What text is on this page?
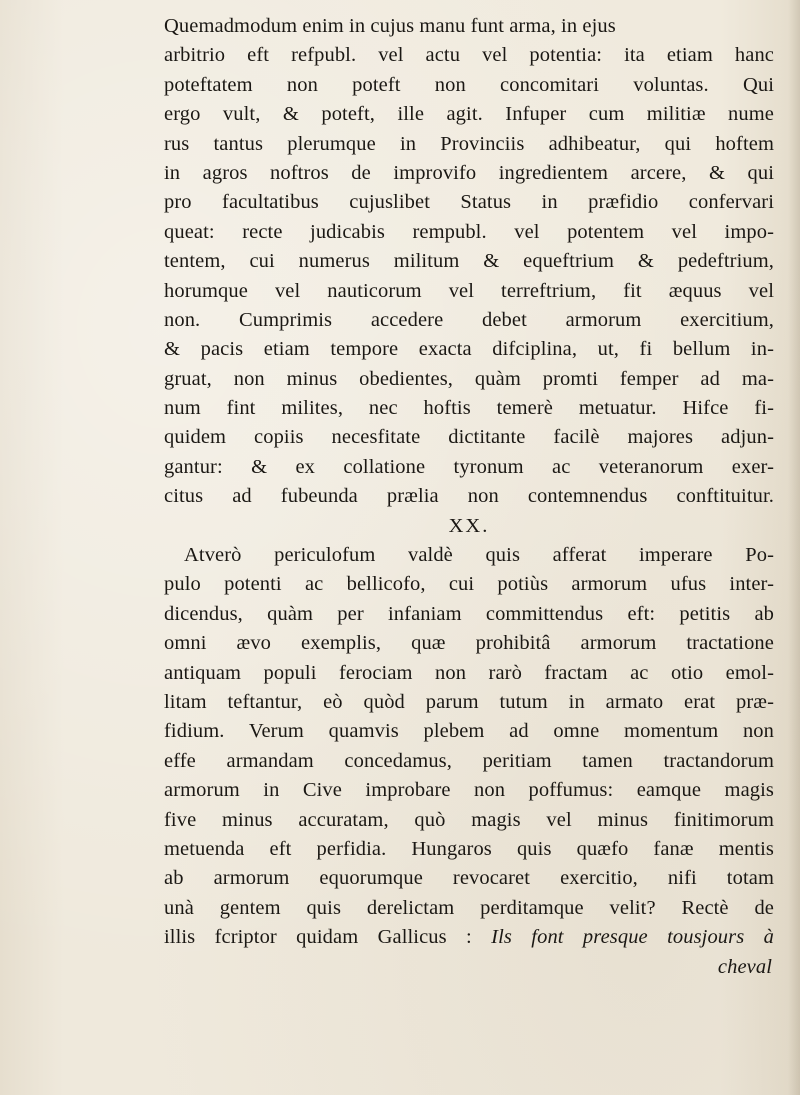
Quemadmodum enim in cujus manu funt arma, in ejus
arbitrio eft refpubl. vel actu vel potentia: ita etiam hanc
poteftatem non poteft non concomitari voluntas. Qui
ergo vult, & poteft, ille agit. Infuper cum militiæ nume
rus tantus plerumque in Provinciis adhibeatur, qui hoftem
in agros noftros de improvifo ingredientem arcere, & qui
pro facultatibus cujuslibet Status in præfidio confervari
queat: recte judicabis rempubl. vel potentem vel impo-
tentem, cui numerus militum & equeftrium & pedeftrium,
horumque vel nauticorum vel terreftrium, fit æquus vel
non. Cumprimis accedere debet armorum exercitium,
& pacis etiam tempore exacta difciplina, ut, fi bellum in-
gruat, non minus obedientes, quàm promti femper ad ma-
num fint milites, nec hoftis temerè metuatur. Hifce fi-
quidem copiis necesfitate dictitante facilè majores adjun-
gantur: & ex collatione tyronum ac veteranorum exer-
citus ad fubeunda prælia non contemnendus conftituitur.
XX.
Atverò periculofum valdè quis afferat imperare Po-
pulo potenti ac bellicofo, cui potiùs armorum ufus inter-
dicendus, quàm per infaniam committendus eft: petitis ab
omni ævo exemplis, quæ prohibitâ armorum tractatione
antiquam populi ferociam non rarò fractam ac otio emol-
litam teftantur, eò quòd parum tutum in armato erat præ-
fidium. Verum quamvis plebem ad omne momentum non
effe armandam concedamus, peritiam tamen tractandorum
armorum in Cive improbare non poffumus: eamque magis
five minus accuratam, quò magis vel minus finitimorum
metuenda eft perfidia. Hungaros quis quæfo fanæ mentis
ab armorum equorumque revocaret exercitio, nifi totam
unà gentem quis derelictam perditamque velit? Rectè de
illis fcriptor quidam Gallicus : Ils font presque tousjours à
cheval
